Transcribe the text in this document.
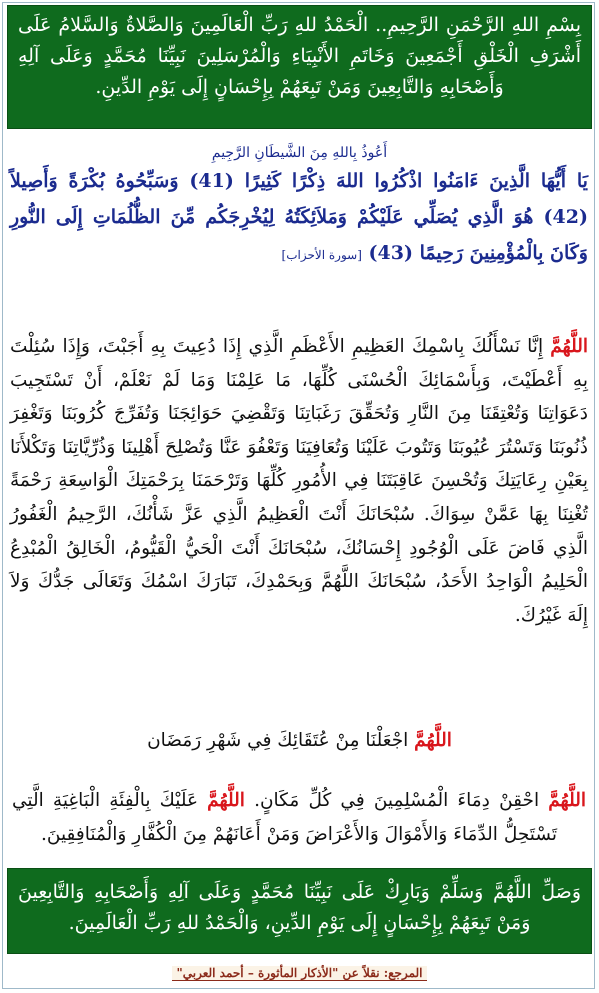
بِسْمِ اللهِ الرَّحْمَنِ الرَّحِيمِ.. الْحَمْدُ للهِ رَبِّ الْعَالَمِينَ وَالصَّلاةُ وَالسَّلامُ عَلَى أَشْرَفِ الْخَلْقِ أَجْمَعِينَ وَخَاتَمِ الأَنْبِيَاءِ وَالْمُرْسَلِينَ نَبِيِّنَا مُحَمَّدٍ وَعَلَى آلِهِ وَأَصْحَابِهِ وَالتَّابِعِينَ وَمَنْ تَبِعَهُمْ بِإِحْسَانٍ إِلَى يَوْمِ الدِّينِ.
أَعُوذُ بِاللهِ مِنَ الشَّيطَانِ الرَّجِيمِ
يَا أَيُّهَا الَّذِينَ ءَامَنُوا اذْكُرُوا اللهَ ذِكْرًا كَثِيرًا (41) وَسَبِّحُوهُ بُكْرَةً وَأَصِيلاً (42) هُوَ الَّذِي يُصَلِّي عَلَيْكُمْ وَمَلاَئِكَتُهُ لِيُخْرِجَكُم مِّنَ الظُّلُمَاتِ إِلَى النُّورِ وَكَانَ بِالْمُؤْمِنِينَ رَحِيمًا (43) [سورة الأحزاب]
اللَّهُمَّ إِنَّا نَسْأَلُكَ بِاسْمِكَ العَظِيمِ الأَعْظَمِ الَّذِي إِذَا دُعِيتَ بِهِ أَجَبْتَ، وَإِذَا سُئِلْتَ بِهِ أَعْطَيْتَ، وَبِأَسْمَائِكَ الْحُسْنَى كُلِّهَا، مَا عَلِمْنَا وَمَا لَمْ نَعْلَمْ، أَنْ تَسْتَجِيبَ دَعَوَاتِنَا وَتُعْتِقَنَا مِنَ النَّارِ وَتُحَقِّقَ رَغَبَاتِنَا وَتَقْضِيَ حَوَائِجَنَا وَتُفَرِّجَ كُرُوبَنَا وَتَغْفِرَ ذُنُوبَنَا وَتَسْتُرَ عُيُوبَنَا وَتَتُوبَ عَلَيْنَا وَتُعَافِيَنَا وَتَعْفُوَ عَنَّا وَتُصْلِحَ أَهْلِينَا وَذُرِّيَّاتِنَا وَتَكْلأَنَا بِعَيْنِ رِعَايَتِكَ وَتُحْسِنَ عَاقِبَتَنَا فِي الأُمُورِ كُلِّهَا وَتَرْحَمَنَا بِرَحْمَتِكَ الْوَاسِعَةِ رَحْمَةً تُغْنِنَا بِهَا عَمَّنْ سِوَاكَ. سُبْحَانَكَ أَنْتَ الْعَظِيمُ الَّذِي عَزَّ شَأْنُكَ، الرَّحِيمُ الْغَفُورُ الَّذِي فَاضَ عَلَى الْوُجُودِ إِحْسَانُكَ، سُبْحَانَكَ أَنْتَ الْحَيُّ الْقَيُّومُ، الْخَالِقُ الْمُبْدِعُ الْحَلِيمُ الْوَاحِدُ الأَحَدُ، سُبْحَانَكَ اللَّهُمَّ وَبِحَمْدِكَ، تَبَارَكَ اسْمُكَ وَتَعَالَى جَدُّكَ وَلاَ إِلَهَ غَيْرُكَ.
اللَّهُمَّ اجْعَلْنَا مِنْ عُتَقَائِكَ فِي شَهْرِ رَمَضَان
اللَّهُمَّ احْقِنْ دِمَاءَ الْمُسْلِمِينَ فِي كُلِّ مَكَانٍ. اللَّهُمَّ عَلَيْكَ بِالْفِئَةِ الْبَاغِيَةِ الَّتِي تَسْتَحِلُّ الدِّمَاءَ وَالأَمْوَالَ وَالأَعْرَاضَ وَمَنْ أَعَانَهُمْ مِنَ الْكُفَّارِ وَالْمُنَافِقِينَ.
وَصَلِّ اللَّهُمَّ وَسَلِّمْ وَبَارِكْ عَلَى نَبِيِّنَا مُحَمَّدٍ وَعَلَى آلِهِ وَأَصْحَابِهِ وَالتَّابِعِينَ وَمَنْ تَبِعَهُمْ بِإِحْسَانٍ إِلَى يَوْمِ الدِّينِ، وَالْحَمْدُ للهِ رَبِّ الْعَالَمِينَ.
المرجع: نقلاً عن "الأذكار المأثورة – أحمد العربي"
